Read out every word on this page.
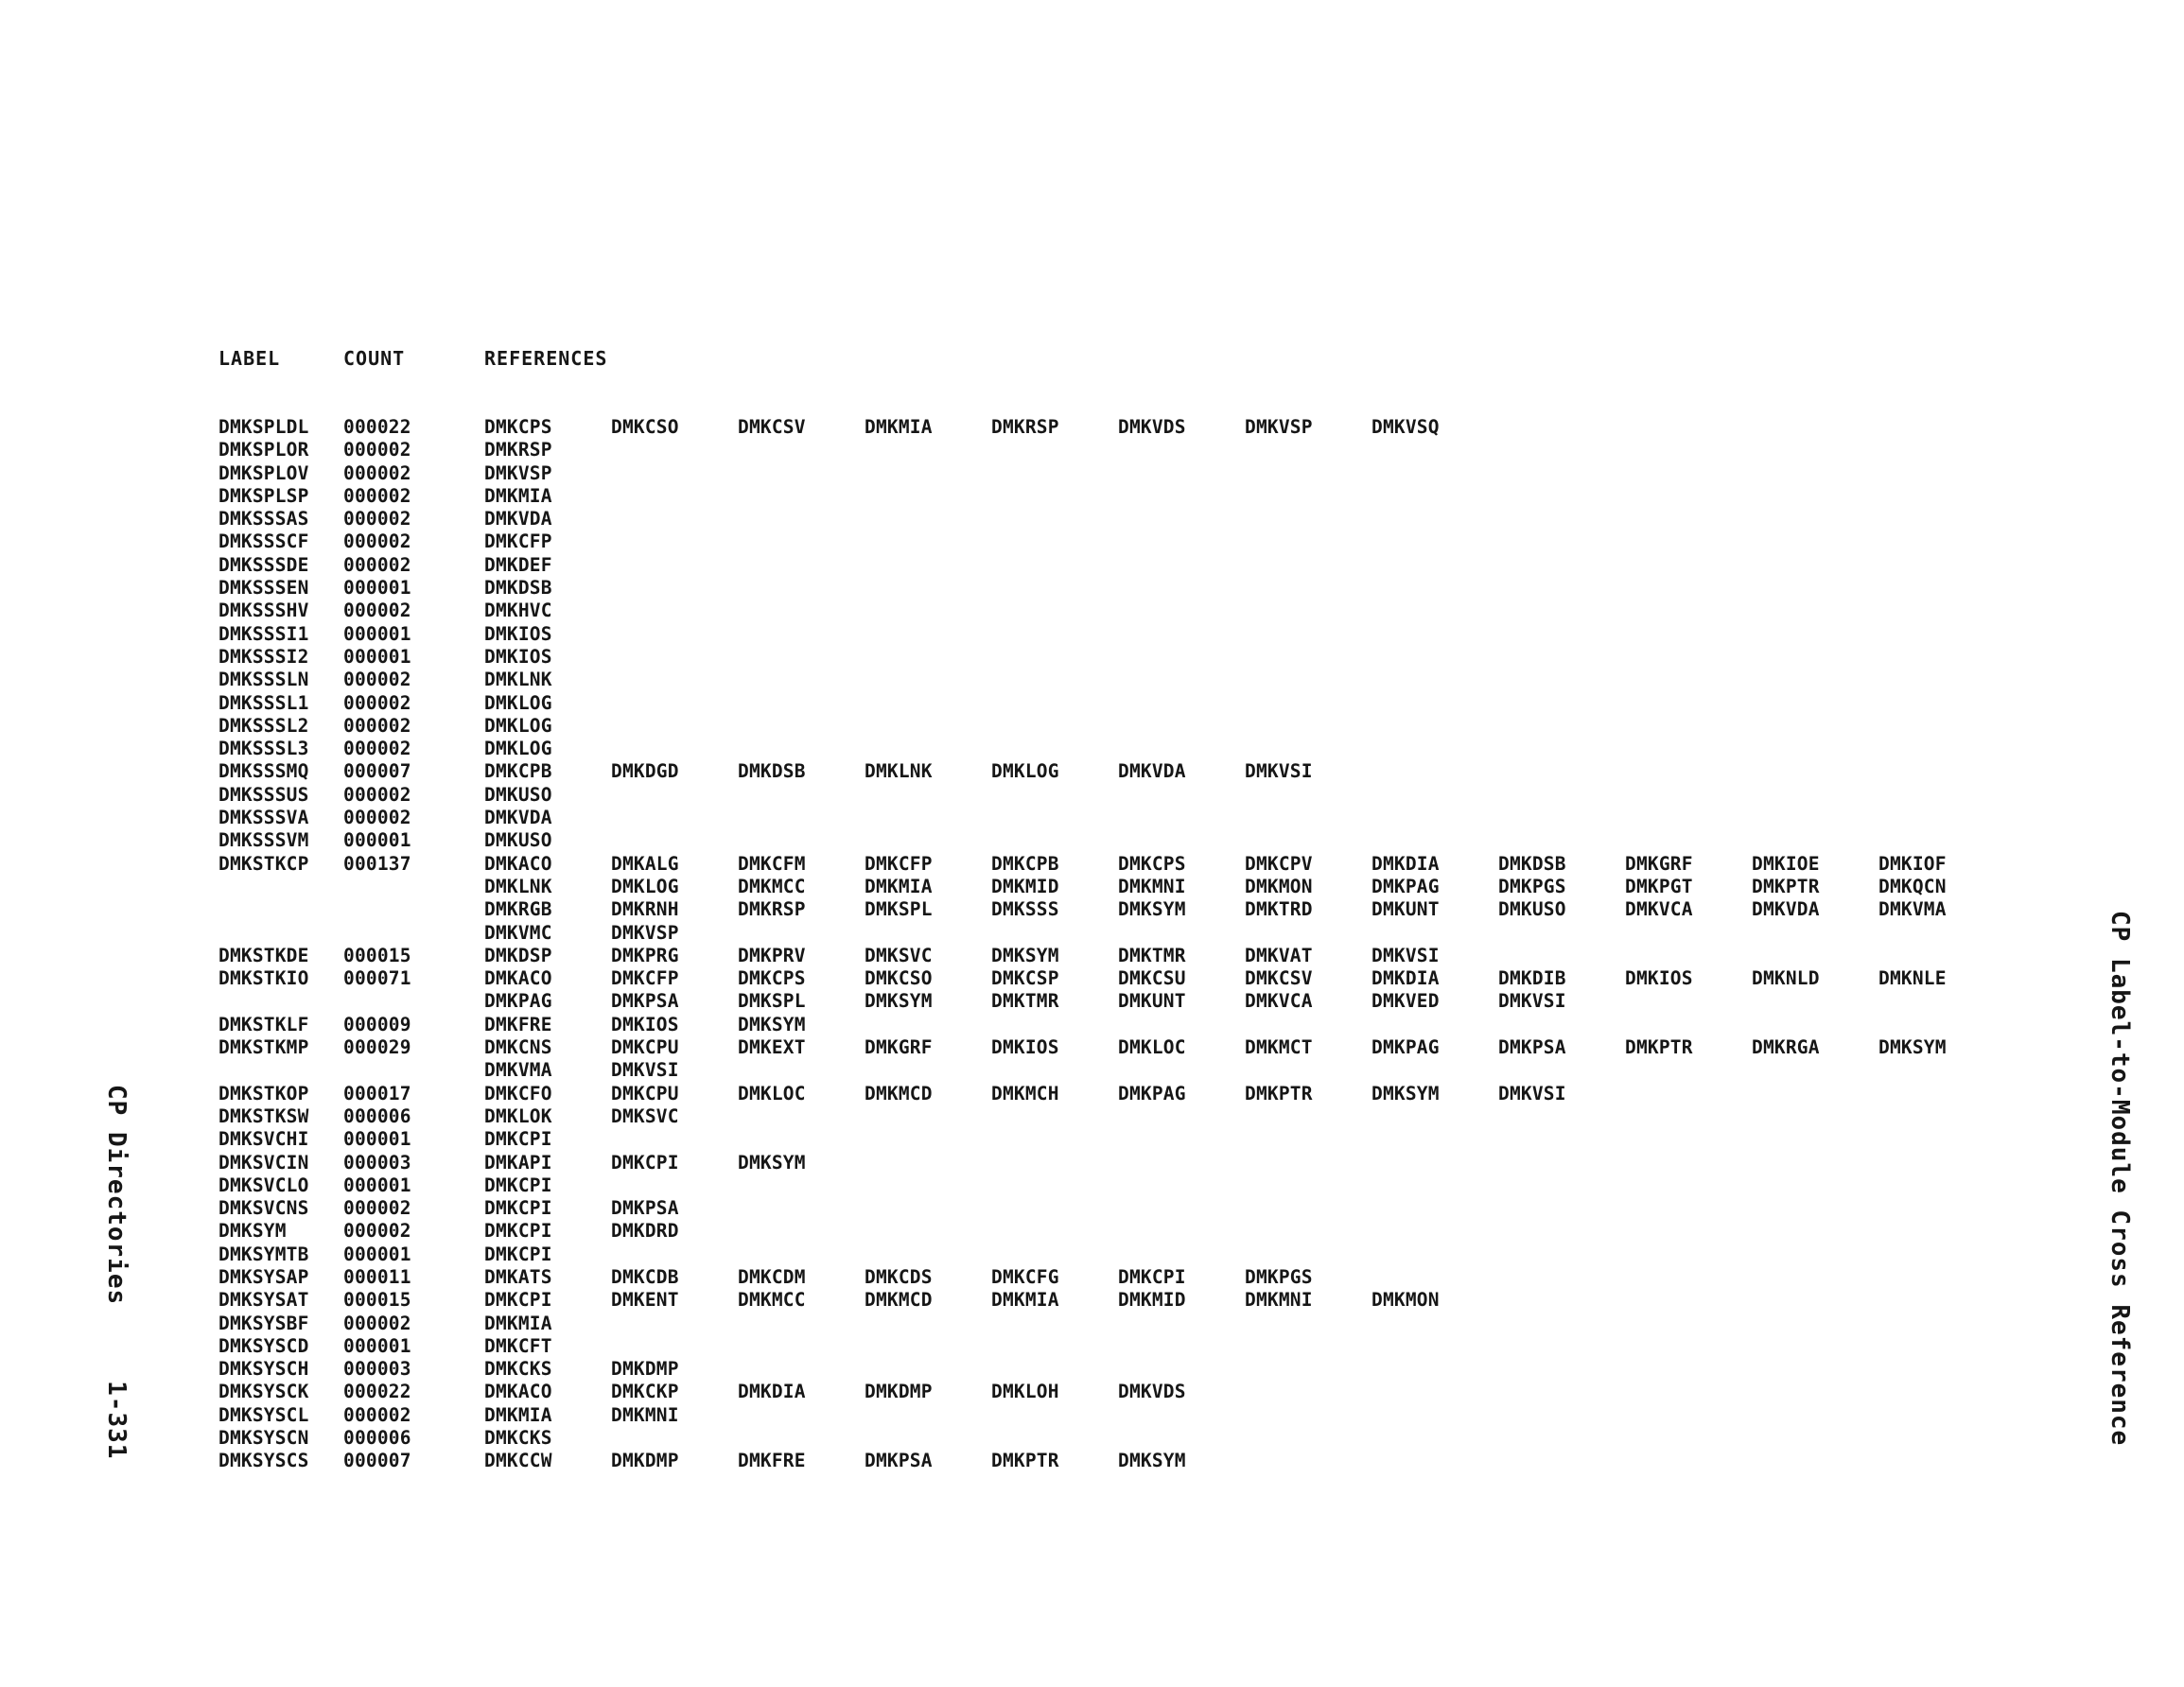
LABEL	COUNT	REFERENCES
DMKSPLDL 000022	DMKCPS	DMKCSO	DMKCSV	DMKMIA	DMKRSP	DMKVDS	DMKVSP	DMKVSQ
DMKSPLOR 000002	DMKRSP
DMKSPLOV 000002	DMKVSP
DMKSPLSP 000002	DMKMIA
DMKSSSAS 000002	DMKVDA
DMKSSSCF 000002	DMKCFP
DMKSSSDE 000002	DMKDEF
DMKSSSEN 000001	DMKDSB
DMKSSSHV 000002	DMKHVC
DMKSSSI1 000001	DMKIOS
DMKSSSI2 000001	DMKIOS
DMKSSSLN 000002	DMKLNK
DMKSSSL1 000002	DMKLOG
DMKSSSL2 000002	DMKLOG
DMKSSSL3 000002	DMKLOG
DMKSSSMQ 000007	DMKCPB	DMKDGD	DMKDSB	DMKLNK	DMKLOG	DMKVDA	DMKVSI
DMKSSSUS 000002	DMKUSO
DMKSSSVA 000002	DMKVDA
DMKSSSVM 000001	DMKUSO
DMKSTKCP 000137	DMKACO	DMKALG	DMKCFM	DMKCFP	DMKCPB	DMKCPS	DMKCPV	DMKDIA	DMKDSB	DMKGRF	DMKIOE	DMKIOF
DMKLNK	DMKLOG	DMKMCC	DMKMIA	DMKMID	DMKMNI	DMKMON	DMKPAG	DMKPGS	DMKPGT	DMKPTR	DMKQCN
DMKRGB	DMKRNH	DMKRSP	DMKSPL	DMKSSS	DMKSYM	DMKTRD	DMKUNT	DMKUSO	DMKVCA	DMKVDA	DMKVMA
DMKVMC	DMKVSP
DMKSTKDE 000015	DMKDSP	DMKPRG	DMKPRV	DMKSVC	DMKSYM	DMKTMR	DMKVAT	DMKVSI
DMKSTKIO 000071	DMKACO	DMKCFP	DMKCPS	DMKCSO	DMKCSP	DMKCSU	DMKCSV	DMKDIA	DMKDIB	DMKIOS	DMKNLD	DMKNLE
DMKPAG	DMKPSA	DMKSPL	DMKSYM	DMKTMR	DMKUNT	DMKVCA	DMKVED	DMKVSI
DMKSTKLF 000009	DMKFRE	DMKIOS	DMKSYM
DMKSTKMP 000029	DMKCNS	DMKCPU	DMKEXT	DMKGRF	DMKIOS	DMKLOC	DMKMCT	DMKPAG	DMKPSA	DMKPTR	DMKRGA	DMKSYM
DMKVMA	DMKVSI
DMKSTKOP 000017	DMKCFO	DMKCPU	DMKLOC	DMKMCD	DMKMCH	DMKPAG	DMKPTR	DMKSYM	DMKVSI
DMKSTKSW 000006	DMKLOK	DMKSVC
DMKSVCHI 000001	DMKCPI
DMKSVCIN 000003	DMKAPI	DMKCPI	DMKSYM
DMKSVCLO 000001	DMKCPI
DMKSVCNS 000002	DMKCPI	DMKPSA
DMKSYM	000002	DMKCPI	DMKDRD
DMKSYMTB 000001	DMKCPI
DMKSYSAP 000011	DMKATS	DMKCDB	DMKCDM	DMKCDS	DMKCFG	DMKCPI	DMKPGS
DMKSYSAT 000015	DMKCPI	DMKENT	DMKMCC	DMKMCD	DMKMIA	DMKMID	DMKMNI	DMKMON
DMKSYSBF 000002	DMKMIA
DMKSYSCD 000001	DMKCFT
DMKSYSCH 000003	DMKCKS	DMKDMP
DMKSYSCK 000022	DMKACO	DMKCKP	DMKDIA	DMKDMP	DMKLOH	DMKVDS
DMKSYSCL 000002	DMKMIA	DMKMNI
DMKSYSCN 000006	DMKCKS
DMKSYSCS 000007	DMKCCW	DMKDMP	DMKFRE	DMKPSA	DMKPTR	DMKSYM
CP Directories1-331	CP Label-to-Module Cross Reference
